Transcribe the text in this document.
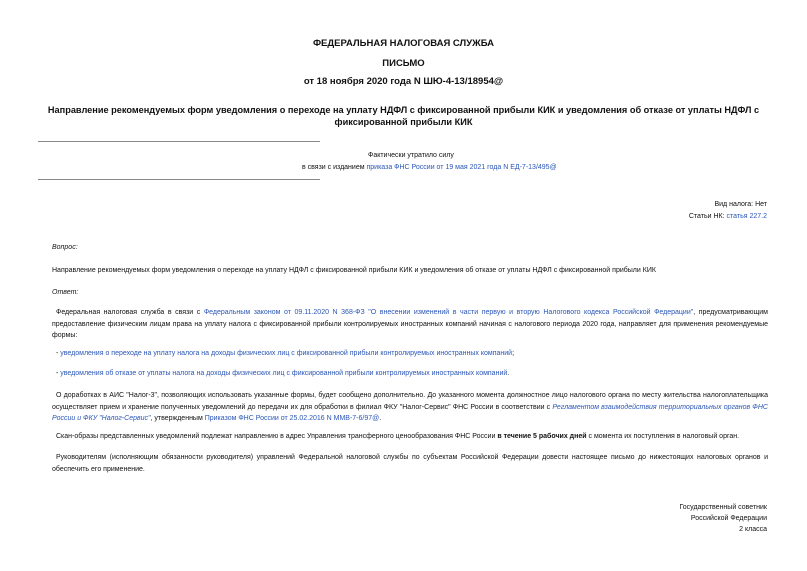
ФЕДЕРАЛЬНАЯ НАЛОГОВАЯ СЛУЖБА
ПИСЬМО
от 18 ноября 2020 года N ШЮ-4-13/18954@
Направление рекомендуемых форм уведомления о переходе на уплату НДФЛ с фиксированной прибыли КИК и уведомления об отказе от уплаты НДФЛ с
фиксированной прибыли КИК
Фактически утратило силу
в связи с изданием приказа ФНС России от 19 мая 2021 года N ЕД-7-13/495@
Вид налога: Нет
Статьи НК: статья 227.2
Вопрос:
Направление рекомендуемых форм уведомления о переходе на уплату НДФЛ с фиксированной прибыли КИК и уведомления об отказе от уплаты НДФЛ с фиксированной прибыли КИК
Ответ:
Федеральная налоговая служба в связи с Федеральным законом от 09.11.2020 N 368-ФЗ "О внесении изменений в части первую и вторую Налогового кодекса Российской Федерации", предусматривающим предоставление физическим лицам права на уплату налога с фиксированной прибыли контролируемых иностранных компаний начиная с налогового периода 2020 года, направляет для применения рекомендуемые формы:
- уведомления о переходе на уплату налога на доходы физических лиц с фиксированной прибыли контролируемых иностранных компаний;
- уведомления об отказе от уплаты налога на доходы физических лиц с фиксированной прибыли контролируемых иностранных компаний.
О доработках в АИС "Налог-3", позволяющих использовать указанные формы, будет сообщено дополнительно. До указанного момента должностное лицо налогового органа по месту жительства налогоплательщика осуществляет прием и хранение полученных уведомлений до передачи их для обработки в филиал ФКУ "Налог-Сервис" ФНС России в соответствии с Регламентом взаимодействия территориальных органов ФНС России и ФКУ "Налог-Сервис", утвержденным Приказом ФНС России от 25.02.2016 N ММВ-7-6/97@.
Скан-образы представленных уведомлений подлежат направлению в адрес Управления трансферного ценообразования ФНС России в течение 5 рабочих дней с момента их поступления в налоговый орган.
Руководителям (исполняющим обязанности руководителя) управлений Федеральной налоговой службы по субъектам Российской Федерации довести настоящее письмо до нижестоящих налоговых органов и обеспечить его применение.
Государственный советник
Российской Федерации
2 класса
